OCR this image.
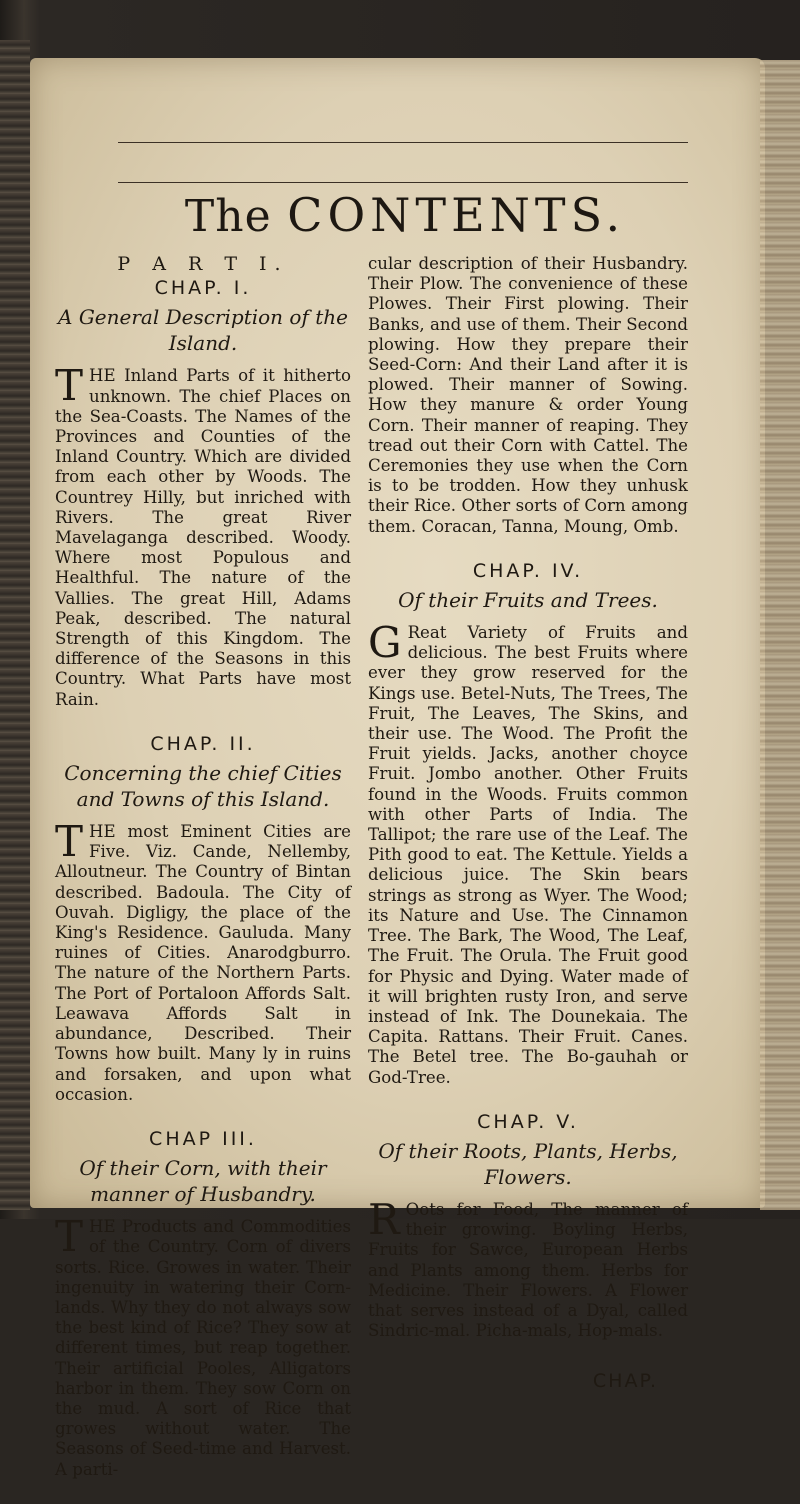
The CONTENTS.
P A R T I.
CHAP. I.
A General Description of the Island.

THE Inland Parts of it hitherto unknown. The chief Places on the Sea-Coasts. The Names of the Provinces and Counties of the Inland Country. Which are divided from each other by Woods. The Countrey Hilly, but inriched with Rivers. The great River Mavelaganga described. Woody. Where most Populous and Healthful. The nature of the Vallies. The great Hill, Adams Peak, described. The natural Strength of this Kingdom. The difference of the Seasons in this Country. What Parts have most Rain.

CHAP. II.
Concerning the chief Cities and Towns of this Island.

THE most Eminent Cities are Five. Viz. Cande, Nellemby, Alloutneur. The Country of Bintan described. Badoula. The City of Ouvah. Digligy, the place of the King's Residence. Gauluda. Many ruines of Cities. Anarodgburro. The nature of the Northern Parts. The Port of Portaloon Affords Salt. Leawava Affords Salt in abundance, Described. Their Towns how built. Many ly in ruins and forsaken, and upon what occasion.

CHAP III.
Of their Corn, with their manner of Husbandry.

THE Products and Commodities of the Country. Corn of divers sorts. Rice. Growes in water. Their ingenuity in watering their Corn-lands. Why they do not always sow the best kind of Rice? They sow at different times, but reap together. Their artificial Pooles, Alligators harbor in them. They sow Corn on the mud. A sort of Rice that growes without water. The Seasons of Seed-time and Harvest. A parti-

cular description of their Husbandry. Their Plow. The convenience of these Plowes. Their First plowing. Their Banks, and use of them. Their Second plowing. How they prepare their Seed-Corn: And their Land after it is plowed. Their manner of Sowing. How they manure & order Young Corn. Their manner of reaping. They tread out their Corn with Cattel. The Ceremonies they use when the Corn is to be trodden. How they unhusk their Rice. Other sorts of Corn among them. Coracan, Tanna, Moung, Omb.

CHAP. IV.
Of their Fruits and Trees.

G Reat Variety of Fruits and delicious. The best Fruits where ever they grow reserved for the Kings use. Betel-Nuts, The Trees, The Fruit, The Leaves, The Skins, and their use. The Wood. The Profit the Fruit yields. Jacks, another choyce Fruit. Jombo another. Other Fruits found in the Woods. Fruits common with other Parts of India. The Tallipot; the rare use of the Leaf. The Pith good to eat. The Kettule. Yields a delicious juice. The Skin bears strings as strong as Wyer. The Wood; its Nature and Use. The Cinnamon Tree. The Bark, The Wood, The Leaf, The Fruit. The Orula. The Fruit good for Physic and Dying. Water made of it will brighten rusty Iron, and serve instead of Ink. The Dounekaia. The Capita. Rattans. Their Fruit. Canes. The Betel tree. The Bo-gauhah or God-Tree.

CHAP. V.
Of their Roots, Plants, Herbs, Flowers.

R Oots for Food, The manner of their growing. Boyling Herbs, Fruits for Sawce, European Herbs and Plants among them. Herbs for Medicine. Their Flowers. A Flower that serves instead of a Dyal, called Sindric-mal. Picha-mals, Hop-mals.

CHAP.
